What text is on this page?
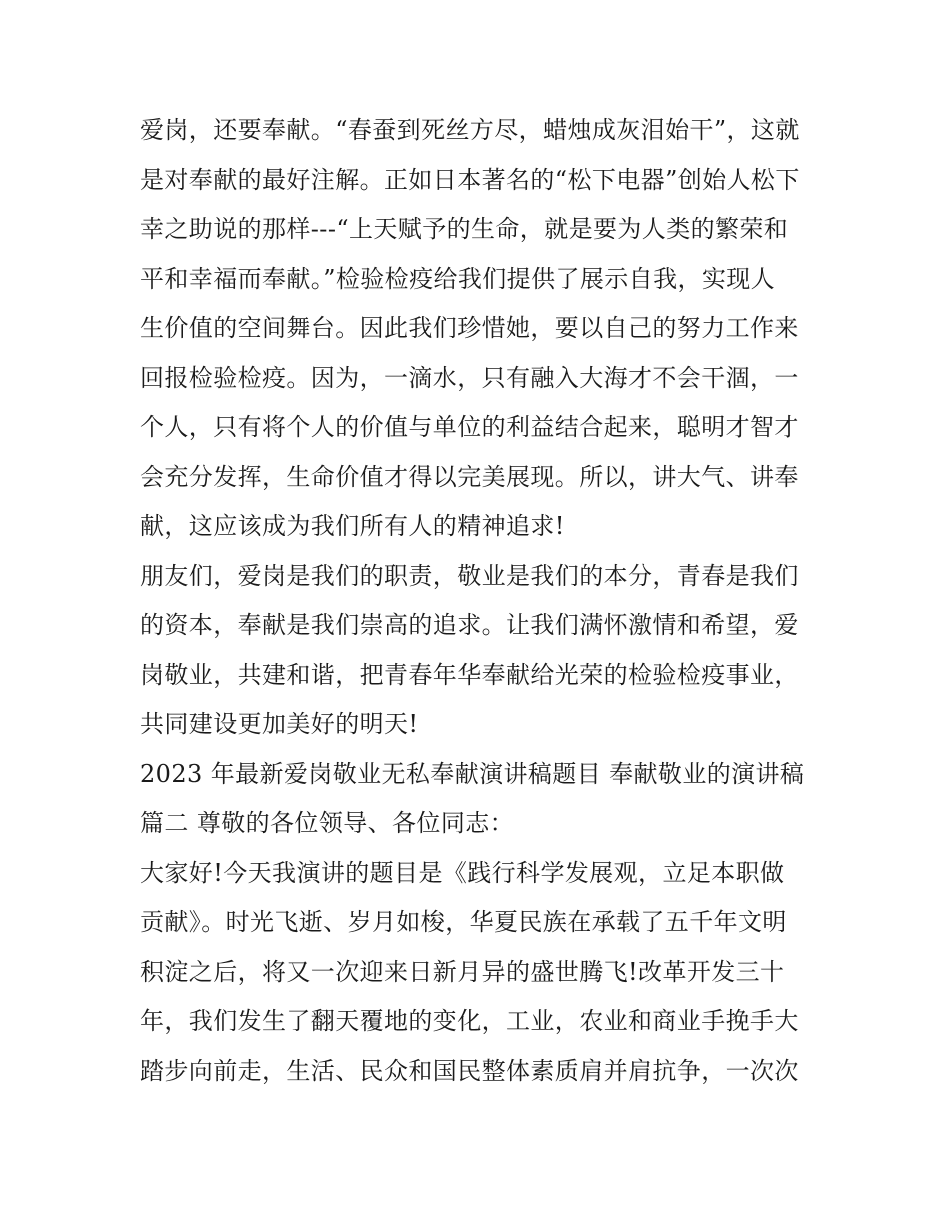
爱岗，还要奉献。“春蚕到死丝方尽，蜡烛成灰泪始干”，这就
是对奉献的最好注解。正如日本著名的“松下电器”创始人松下
幸之助说的那样---“上天赋予的生命，就是要为人类的繁荣和
平和幸福而奉献。”检验检疫给我们提供了展示自我，实现人
生价值的空间舞台。因此我们珍惜她，要以自己的努力工作来
回报检验检疫。因为，一滴水，只有融入大海才不会干涸，一
个人，只有将个人的价值与单位的利益结合起来，聪明才智才
会充分发挥，生命价值才得以完美展现。所以，讲大气、讲奉
献，这应该成为我们所有人的精神追求!
朋友们，爱岗是我们的职责，敬业是我们的本分，青春是我们
的资本，奉献是我们崇高的追求。让我们满怀激情和希望，爱
岗敬业，共建和谐，把青春年华奉献给光荣的检验检疫事业，
共同建设更加美好的明天!
2023 年最新爱岗敬业无私奉献演讲稿题目 奉献敬业的演讲稿
篇二 尊敬的各位领导、各位同志：
大家好!今天我演讲的题目是《践行科学发展观，立足本职做
贡献》。时光飞逝、岁月如梭，华夏民族在承载了五千年文明
积淀之后，将又一次迎来日新月异的盛世腾飞!改革开发三十
年，我们发生了翻天覆地的变化，工业，农业和商业手挽手大
踏步向前走，生活、民众和国民整体素质肩并肩抗争，一次次
